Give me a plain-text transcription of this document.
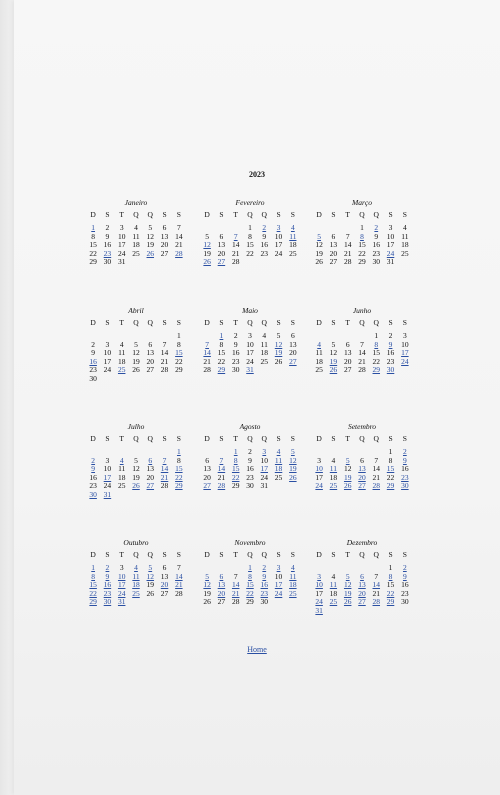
2023
Janeiro
D	S	T	Q	Q	S	S
1	2	3	4	5	6	7
8	9	10	11	12	13	14
15	16	17	18	19	20	21
22	23	24	25	26	27	28
29	30	31				
Fevereiro
D	S	T	Q	Q	S	S
			1	2	3	4
5	6	7	8	9	10	11
12	13	14	15	16	17	18
19	20	21	22	23	24	25
26	27	28				
Março
D	S	T	Q	Q	S	S
			1	2	3	4
5	6	7	8	9	10	11
12	13	14	15	16	17	18
19	20	21	22	23	24	25
26	27	28	29	30	31	
Abril
D	S	T	Q	Q	S	S
						1
2	3	4	5	6	7	8
9	10	11	12	13	14	15
16	17	18	19	20	21	22
23	24	25	26	27	28	29
30						
Maio
D	S	T	Q	Q	S	S
	1	2	3	4	5	6
7	8	9	10	11	12	13
14	15	16	17	18	19	20
21	22	23	24	25	26	27
28	29	30	31			
Junho
D	S	T	Q	Q	S	S
				1	2	3
4	5	6	7	8	9	10
11	12	13	14	15	16	17
18	19	20	21	22	23	24
25	26	27	28	29	30	
Julho
D	S	T	Q	Q	S	S
						1
2	3	4	5	6	7	8
9	10	11	12	13	14	15
16	17	18	19	20	21	22
23	24	25	26	27	28	29
30	31					
Agosto
D	S	T	Q	Q	S	S
		1	2	3	4	5
6	7	8	9	10	11	12
13	14	15	16	17	18	19
20	21	22	23	24	25	26
27	28	29	30	31		
Setembro
D	S	T	Q	Q	S	S
					1	2
3	4	5	6	7	8	9
10	11	12	13	14	15	16
17	18	19	20	21	22	23
24	25	26	27	28	29	30
Outubro
D	S	T	Q	Q	S	S
1	2	3	4	5	6	7
8	9	10	11	12	13	14
15	16	17	18	19	20	21
22	23	24	25	26	27	28
29	30	31				
Novembro
D	S	T	Q	Q	S	S
			1	2	3	4
5	6	7	8	9	10	11
12	13	14	15	16	17	18
19	20	21	22	23	24	25
26	27	28	29	30		
Dezembro
D	S	T	Q	Q	S	S
					1	2
3	4	5	6	7	8	9
10	11	12	13	14	15	16
17	18	19	20	21	22	23
24	25	26	27	28	29	30
31						
Home
